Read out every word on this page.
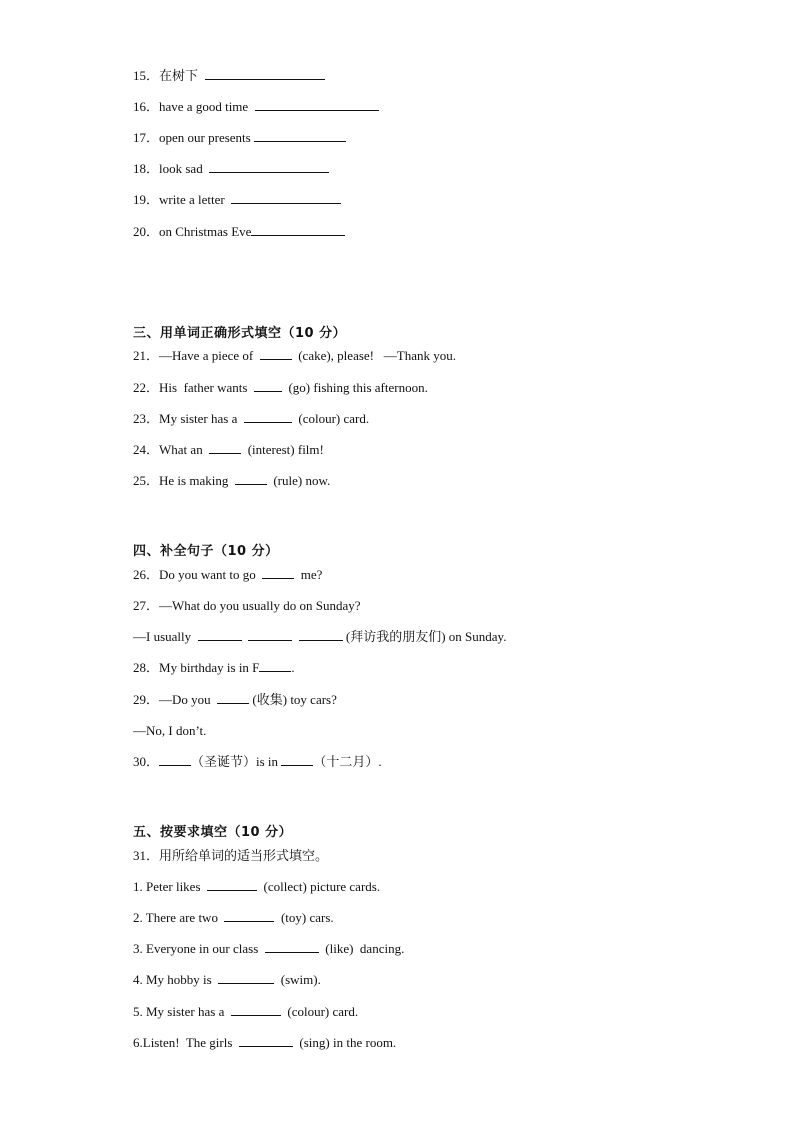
15．在树下
16．have a good time
17．open our presents
18．look sad
19．write a letter
20．on Christmas Eve
三、用单词正确形式填空（10 分）
21．—Have a piece of	(cake), please!   —Thank you.
22．His  father wants	(go) fishing this afternoon.
23．My sister has a	(colour) card.
24．What an	(interest) film!
25．He is making	(rule) now.
四、补全句子（10 分）
26．Do you want to go	me?
27．—What do you usually do on Sunday?
—I usually	(拜访我的朋友们) on Sunday.
28．My birthday is in F .
29．—Do you	(收集) toy cars?
—No, I don’t.
30． （圣诞节）is in	（十二月）.
五、按要求填空（10 分）
31．用所给单词的适当形式填空。
1. Peter likes	(collect) picture cards.
2. There are two	(toy) cars.
3. Everyone in our class	(like)  dancing.
4. My hobby is	(swim).
5. My sister has a	(colour) card.
6.Listen!  The girls	(sing) in the room.
